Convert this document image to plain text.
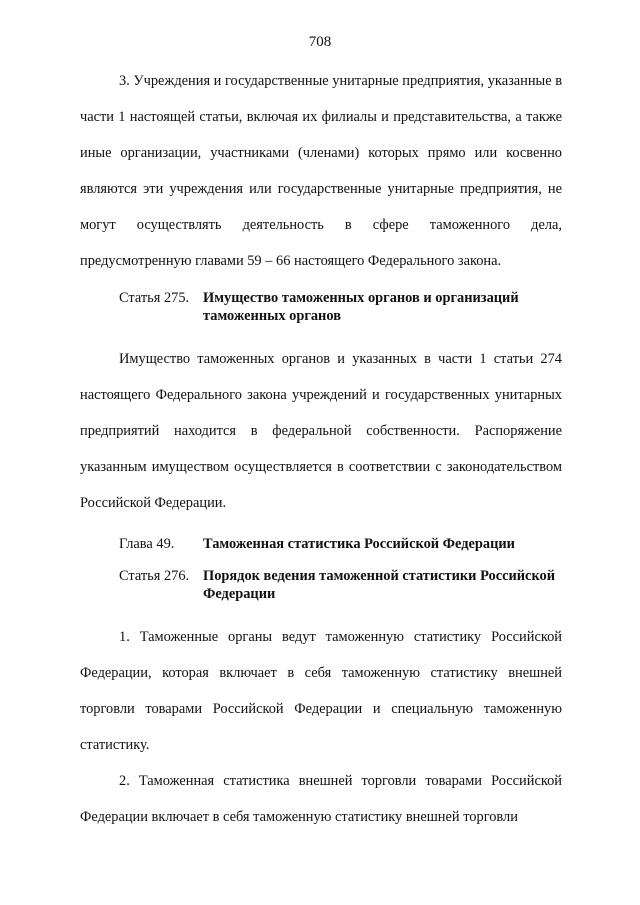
708

3. Учреждения и государственные унитарные предприятия, указанные в части 1 настоящей статьи, включая их филиалы и представительства, а также иные организации, участниками (членами) которых прямо или косвенно являются эти учреждения или государственные унитарные предприятия, не могут осуществлять деятельность в сфере таможенного дела, предусмотренную главами 59 – 66 настоящего Федерального закона.

Статья 275. Имущество таможенных органов и организаций таможенных органов

Имущество таможенных органов и указанных в части 1 статьи 274 настоящего Федерального закона учреждений и государственных унитарных предприятий находится в федеральной собственности. Распоряжение указанным имуществом осуществляется в соответствии с законодательством Российской Федерации.

Глава 49.	Таможенная статистика Российской Федерации
Статья 276. Порядок ведения таможенной статистики Российской Федерации

1. Таможенные органы ведут таможенную статистику Российской Федерации, которая включает в себя таможенную статистику внешней торговли товарами Российской Федерации и специальную таможенную статистику.

2. Таможенная статистика внешней торговли товарами Российской Федерации включает в себя таможенную статистику внешней торговли
